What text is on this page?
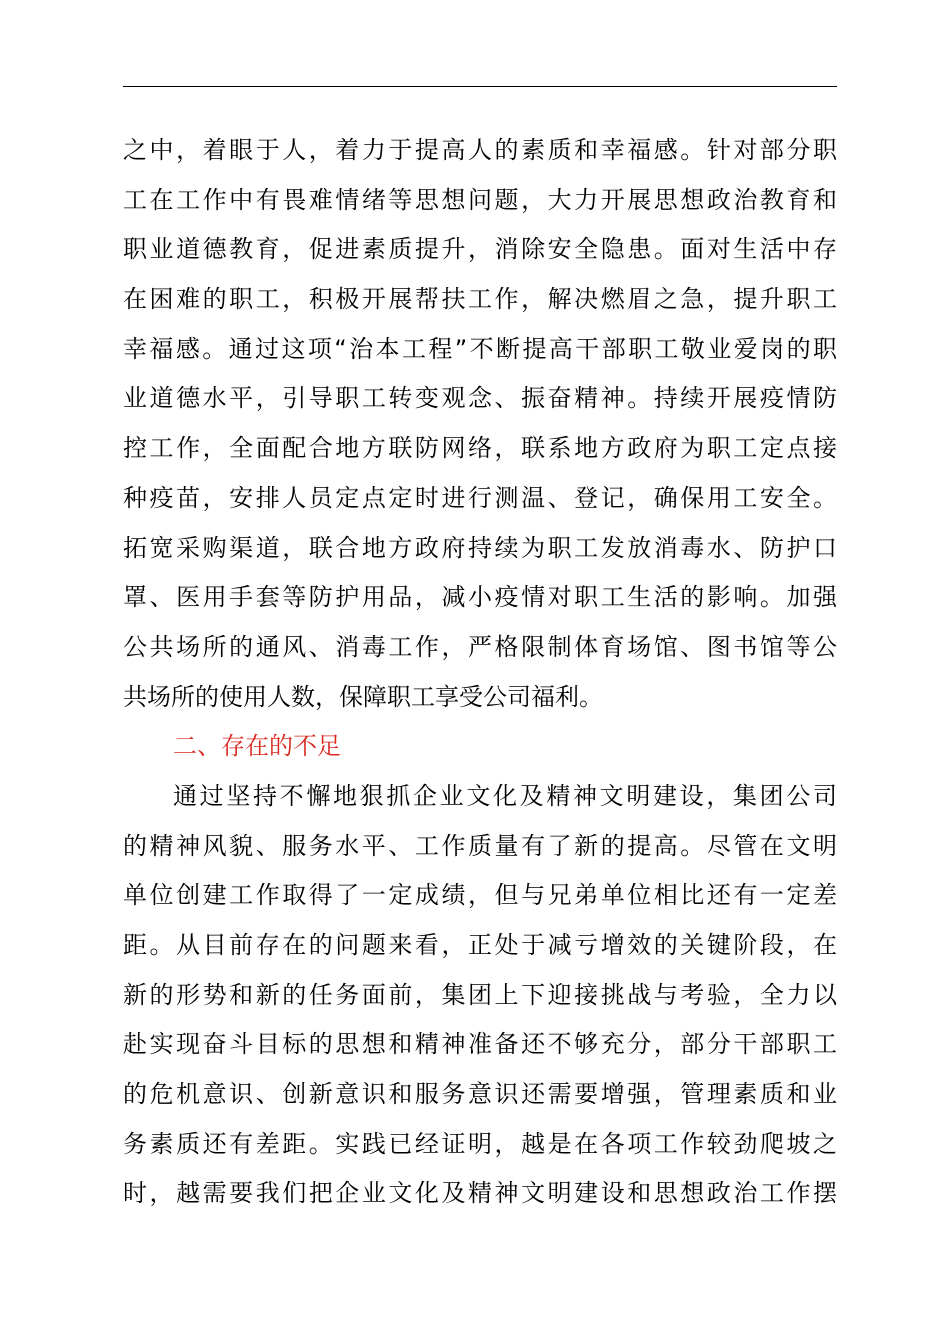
之中，着眼于人，着力于提高人的素质和幸福感。针对部分职
工在工作中有畏难情绪等思想问题，大力开展思想政治教育和
职业道德教育，促进素质提升，消除安全隐患。面对生活中存
在困难的职工，积极开展帮扶工作，解决燃眉之急，提升职工
幸福感。通过这项“治本工程”不断提高干部职工敬业爱岗的职
业道德水平，引导职工转变观念、振奋精神。持续开展疫情防
控工作，全面配合地方联防网络，联系地方政府为职工定点接
种疫苗，安排人员定点定时进行测温、登记，确保用工安全。
拓宽采购渠道，联合地方政府持续为职工发放消毒水、防护口
罩、医用手套等防护用品，减小疫情对职工生活的影响。加强
公共场所的通风、消毒工作，严格限制体育场馆、图书馆等公
共场所的使用人数，保障职工享受公司福利。
二、存在的不足
通过坚持不懈地狠抓企业文化及精神文明建设，集团公司
的精神风貌、服务水平、工作质量有了新的提高。尽管在文明
单位创建工作取得了一定成绩，但与兄弟单位相比还有一定差
距。从目前存在的问题来看，正处于减亏增效的关键阶段，在
新的形势和新的任务面前，集团上下迎接挑战与考验，全力以
赴实现奋斗目标的思想和精神准备还不够充分，部分干部职工
的危机意识、创新意识和服务意识还需要增强，管理素质和业
务素质还有差距。实践已经证明，越是在各项工作较劲爬坡之
时，越需要我们把企业文化及精神文明建设和思想政治工作摆
